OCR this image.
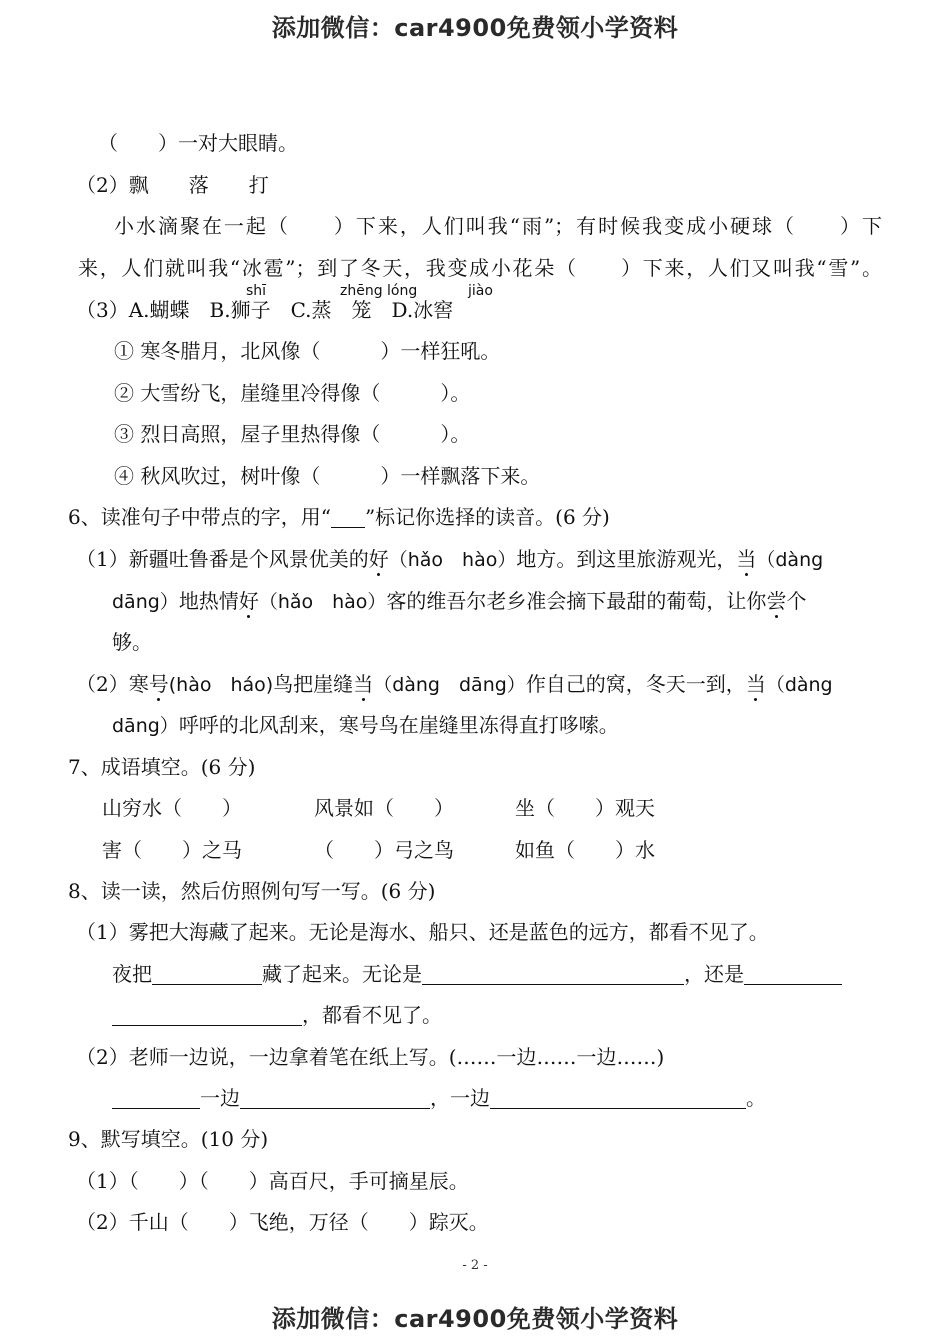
添加微信：car4900免费领小学资料
（　　）一对大眼睛。
（2）飘　　落　　打
小水滴聚在一起（　　）下来，人们叫我“雨”；有时候我变成小硬球（　　）下
来，人们就叫我“冰雹”；到了冬天，我变成小花朵（　　）下来，人们又叫我“雪”。
shī	zhēng lóng	jiào
（3）A.蝴蝶　B.狮子　C.蒸　笼　D.冰窖
① 寒冬腊月，北风像（　　　）一样狂吼。
② 大雪纷飞，崖缝里冷得像（　　　）。
③ 烈日高照，屋子里热得像（　　　）。
④ 秋风吹过，树叶像（　　　）一样飘落下来。
6、读准句子中带点的字，用“ ”标记你选择的读音。(6 分)
（1）新疆吐鲁番是个风景优美的好（hǎo　hào）地方。到这里旅游观光，当（dàng
dāng）地热情好（hǎo　hào）客的维吾尔老乡准会摘下最甜的葡萄，让你尝个
够。
（2）寒号(hào　háo)鸟把崖缝当（dàng　dāng）作自己的窝，冬天一到，当（dàng
dāng）呼呼的北风刮来，寒号鸟在崖缝里冻得直打哆嗦。
7、成语填空。(6 分)
山穷水（　　）	风景如（　　）	坐（　　）观天
害（　　）之马	（　　）弓之鸟	如鱼（　　）水
8、读一读，然后仿照例句写一写。(6 分)
（1）雾把大海藏了起来。无论是海水、船只、还是蓝色的远方，都看不见了。
夜把	藏了起来。无论是	，还是
，都看不见了。
（2）老师一边说，一边拿着笔在纸上写。(……一边……一边……)
一边	，一边	。
9、默写填空。(10 分)
（1）（　　）（　　）高百尺，手可摘星辰。
（2）千山（　　）飞绝，万径（　　）踪灭。
- 2 -
添加微信：car4900免费领小学资料
